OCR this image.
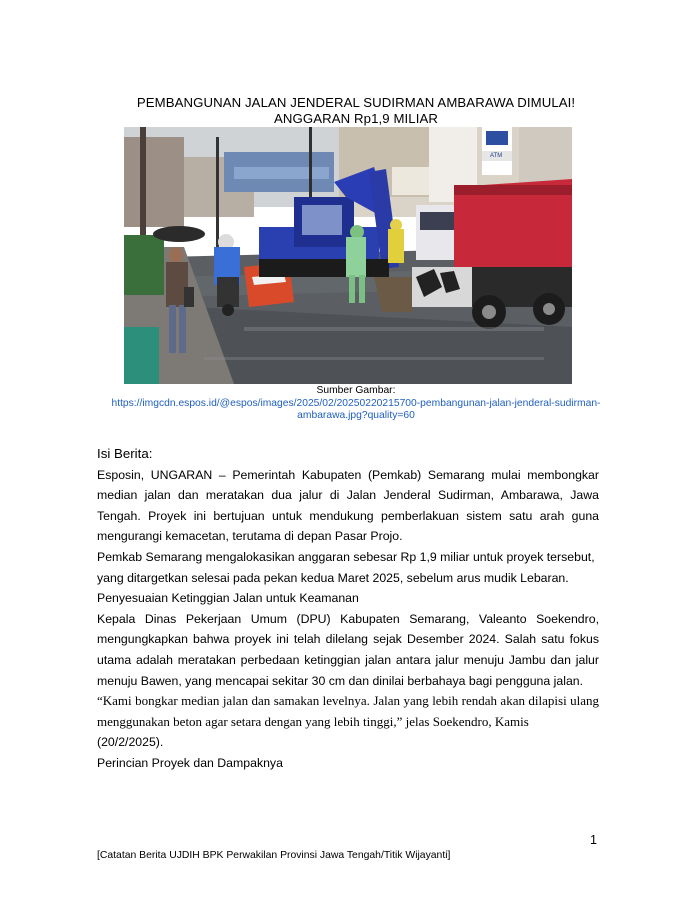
PEMBANGUNAN JALAN JENDERAL SUDIRMAN AMBARAWA DIMULAI!
ANGGARAN Rp1,9 MILIAR
ATM
Sumber Gambar:
https://imgcdn.espos.id/@espos/images/2025/02/20250220215700-pembangunan-jalan-jenderal-sudirman-ambarawa.jpg?quality=60

Isi Berita:

Esposin, UNGARAN – Pemerintah Kabupaten (Pemkab) Semarang mulai membongkar median jalan dan meratakan dua jalur di Jalan Jenderal Sudirman, Ambarawa, Jawa Tengah. Proyek ini bertujuan untuk mendukung pemberlakuan sistem satu arah guna mengurangi kemacetan, terutama di depan Pasar Projo.

Pemkab Semarang mengalokasikan anggaran sebesar Rp 1,9 miliar untuk proyek tersebut, yang ditargetkan selesai pada pekan kedua Maret 2025, sebelum arus mudik Lebaran.

Penyesuaian Ketinggian Jalan untuk Keamanan

Kepala Dinas Pekerjaan Umum (DPU) Kabupaten Semarang, Valeanto Soekendro, mengungkapkan bahwa proyek ini telah dilelang sejak Desember 2024. Salah satu fokus utama adalah meratakan perbedaan ketinggian jalan antara jalur menuju Jambu dan jalur menuju Bawen, yang mencapai sekitar 30 cm dan dinilai berbahaya bagi pengguna jalan.

“Kami bongkar median jalan dan samakan levelnya. Jalan yang lebih rendah akan dilapisi ulang menggunakan beton agar setara dengan yang lebih tinggi,” jelas Soekendro, Kamis

(20/2/2025).

Perincian Proyek dan Dampaknya

1
[Catatan Berita UJDIH BPK Perwakilan Provinsi Jawa Tengah/Titik Wijayanti]
